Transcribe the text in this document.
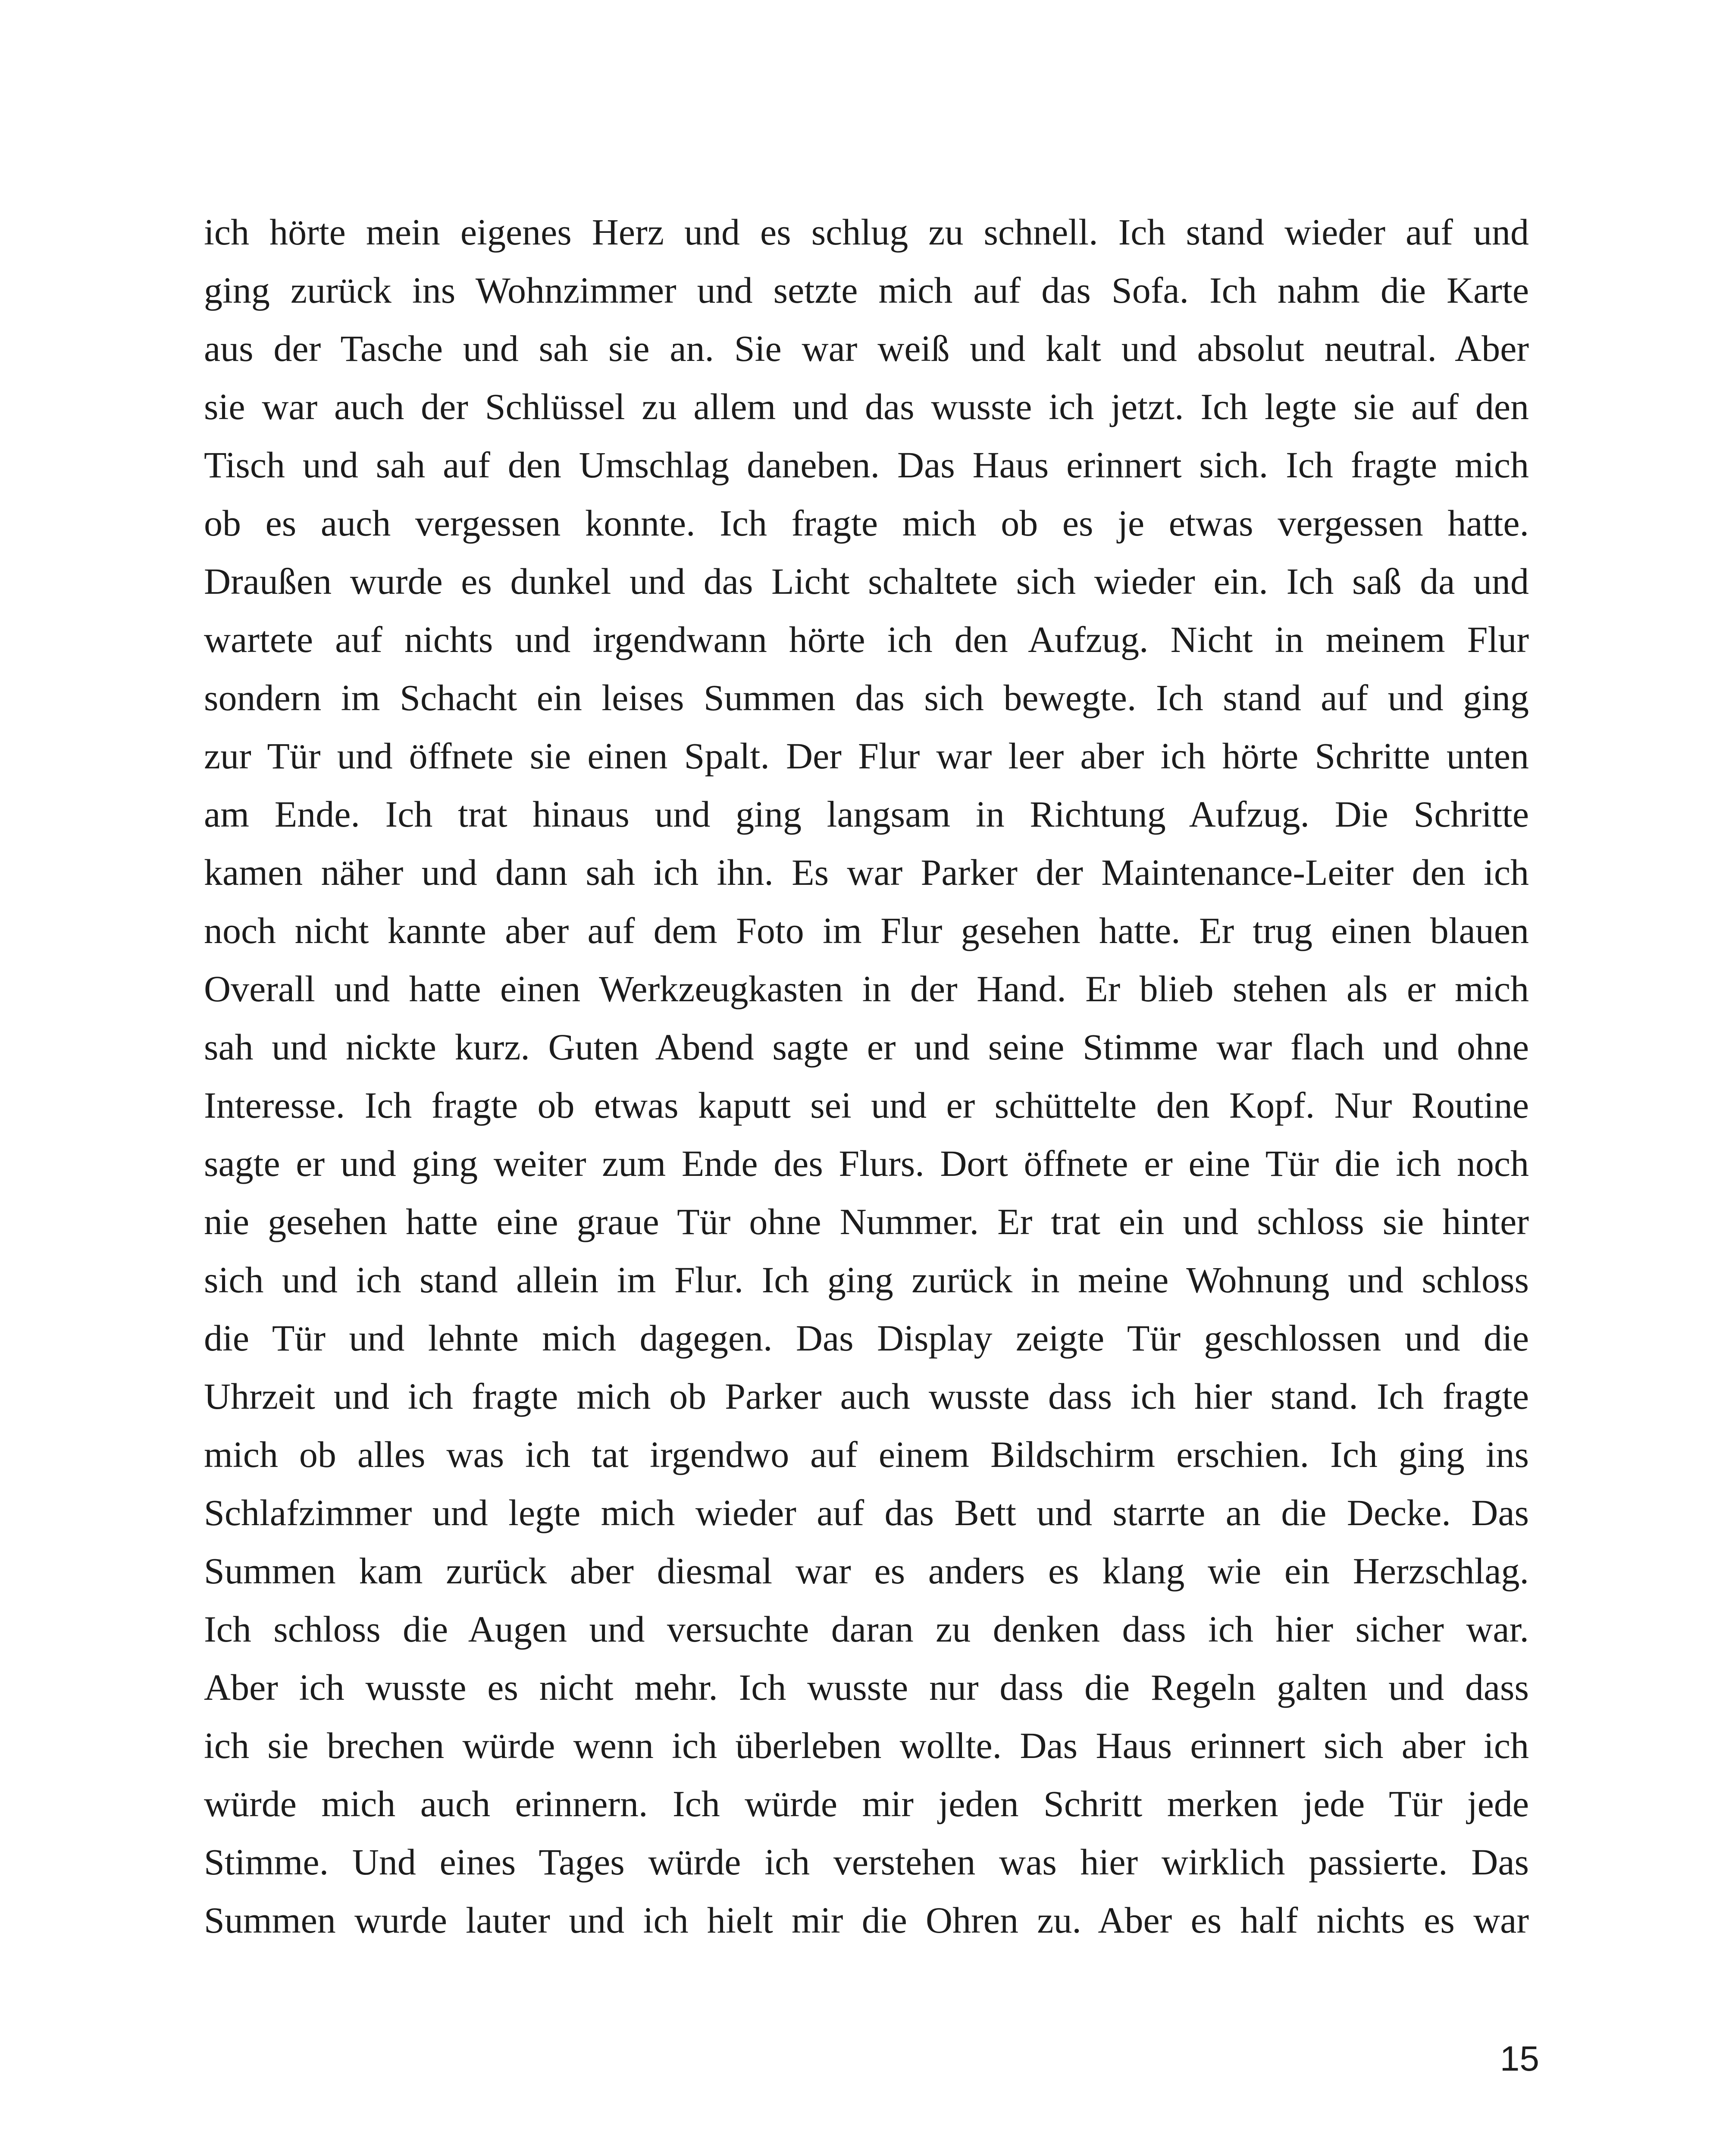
ich hörte mein eigenes Herz und es schlug zu schnell. Ich stand wieder auf und
ging zurück ins Wohnzimmer und setzte mich auf das Sofa. Ich nahm die Karte
aus der Tasche und sah sie an. Sie war weiß und kalt und absolut neutral. Aber
sie war auch der Schlüssel zu allem und das wusste ich jetzt. Ich legte sie auf den
Tisch und sah auf den Umschlag daneben. Das Haus erinnert sich. Ich fragte mich
ob es auch vergessen konnte. Ich fragte mich ob es je etwas vergessen hatte.
Draußen wurde es dunkel und das Licht schaltete sich wieder ein. Ich saß da und
wartete auf nichts und irgendwann hörte ich den Aufzug. Nicht in meinem Flur
sondern im Schacht ein leises Summen das sich bewegte. Ich stand auf und ging
zur Tür und öffnete sie einen Spalt. Der Flur war leer aber ich hörte Schritte unten
am Ende. Ich trat hinaus und ging langsam in Richtung Aufzug. Die Schritte
kamen näher und dann sah ich ihn. Es war Parker der Maintenance-Leiter den ich
noch nicht kannte aber auf dem Foto im Flur gesehen hatte. Er trug einen blauen
Overall und hatte einen Werkzeugkasten in der Hand. Er blieb stehen als er mich
sah und nickte kurz. Guten Abend sagte er und seine Stimme war flach und ohne
Interesse. Ich fragte ob etwas kaputt sei und er schüttelte den Kopf. Nur Routine
sagte er und ging weiter zum Ende des Flurs. Dort öffnete er eine Tür die ich noch
nie gesehen hatte eine graue Tür ohne Nummer. Er trat ein und schloss sie hinter
sich und ich stand allein im Flur. Ich ging zurück in meine Wohnung und schloss
die Tür und lehnte mich dagegen. Das Display zeigte Tür geschlossen und die
Uhrzeit und ich fragte mich ob Parker auch wusste dass ich hier stand. Ich fragte
mich ob alles was ich tat irgendwo auf einem Bildschirm erschien. Ich ging ins
Schlafzimmer und legte mich wieder auf das Bett und starrte an die Decke. Das
Summen kam zurück aber diesmal war es anders es klang wie ein Herzschlag.
Ich schloss die Augen und versuchte daran zu denken dass ich hier sicher war.
Aber ich wusste es nicht mehr. Ich wusste nur dass die Regeln galten und dass
ich sie brechen würde wenn ich überleben wollte. Das Haus erinnert sich aber ich
würde mich auch erinnern. Ich würde mir jeden Schritt merken jede Tür jede
Stimme. Und eines Tages würde ich verstehen was hier wirklich passierte. Das
Summen wurde lauter und ich hielt mir die Ohren zu. Aber es half nichts es war
15
